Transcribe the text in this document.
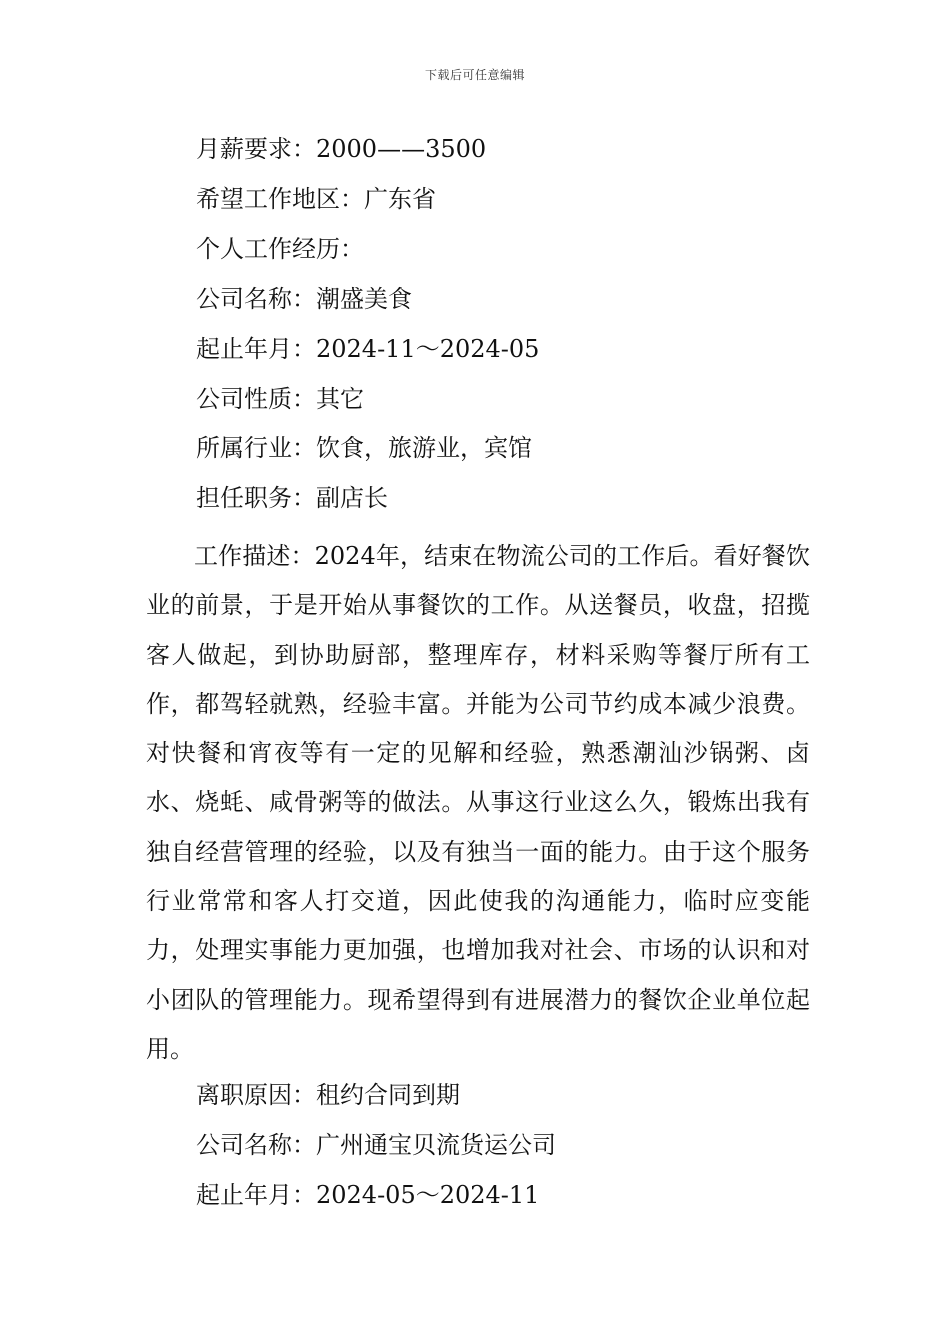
下载后可任意编辑
月薪要求：2000——3500
希望工作地区：广东省
个人工作经历：
公司名称：潮盛美食
起止年月：2024-11～2024-05
公司性质：其它
所属行业：饮食，旅游业，宾馆
担任职务：副店长
工作描述：2024年，结束在物流公司的工作后。看好餐饮业的前景，于是开始从事餐饮的工作。从送餐员，收盘，招揽客人做起，到协助厨部，整理库存，材料采购等餐厅所有工作，都驾轻就熟，经验丰富。并能为公司节约成本减少浪费。对快餐和宵夜等有一定的见解和经验，熟悉潮汕沙锅粥、卤水、烧蚝、咸骨粥等的做法。从事这行业这么久，锻炼出我有独自经营管理的经验，以及有独当一面的能力。由于这个服务行业常常和客人打交道，因此使我的沟通能力，临时应变能力，处理实事能力更加强，也增加我对社会、市场的认识和对小团队的管理能力。现希望得到有进展潜力的餐饮企业单位起用。
离职原因：租约合同到期
公司名称：广州通宝贝流货运公司
起止年月：2024-05～2024-11
